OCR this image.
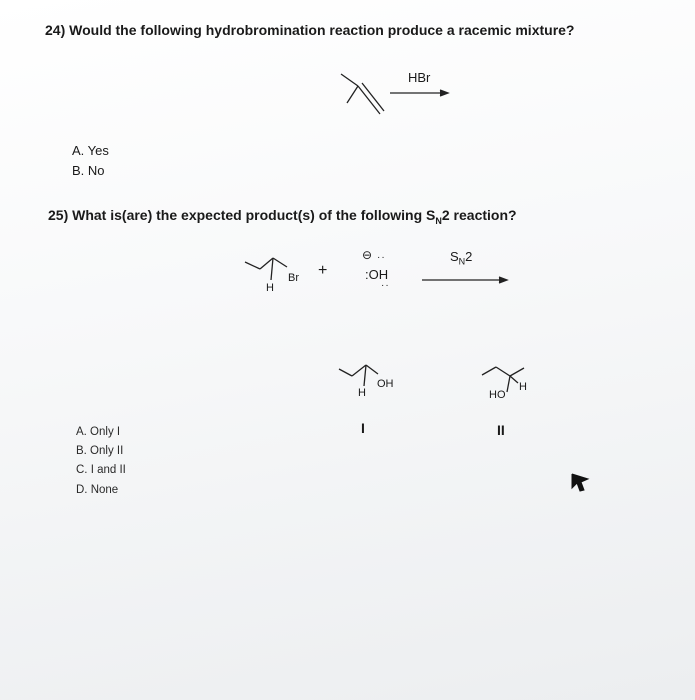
24) Would the following hydrobromination reaction produce a racemic mixture?
HBr
A. Yes
B. No
25) What is(are) the expected product(s) of the following $S_N2$ reaction?
H
Br +
⊖ ··
:OH
··
$S_N2$
H
OH
I
HO
H
II
A. Only I
B. Only II
C. I and II
D. None
